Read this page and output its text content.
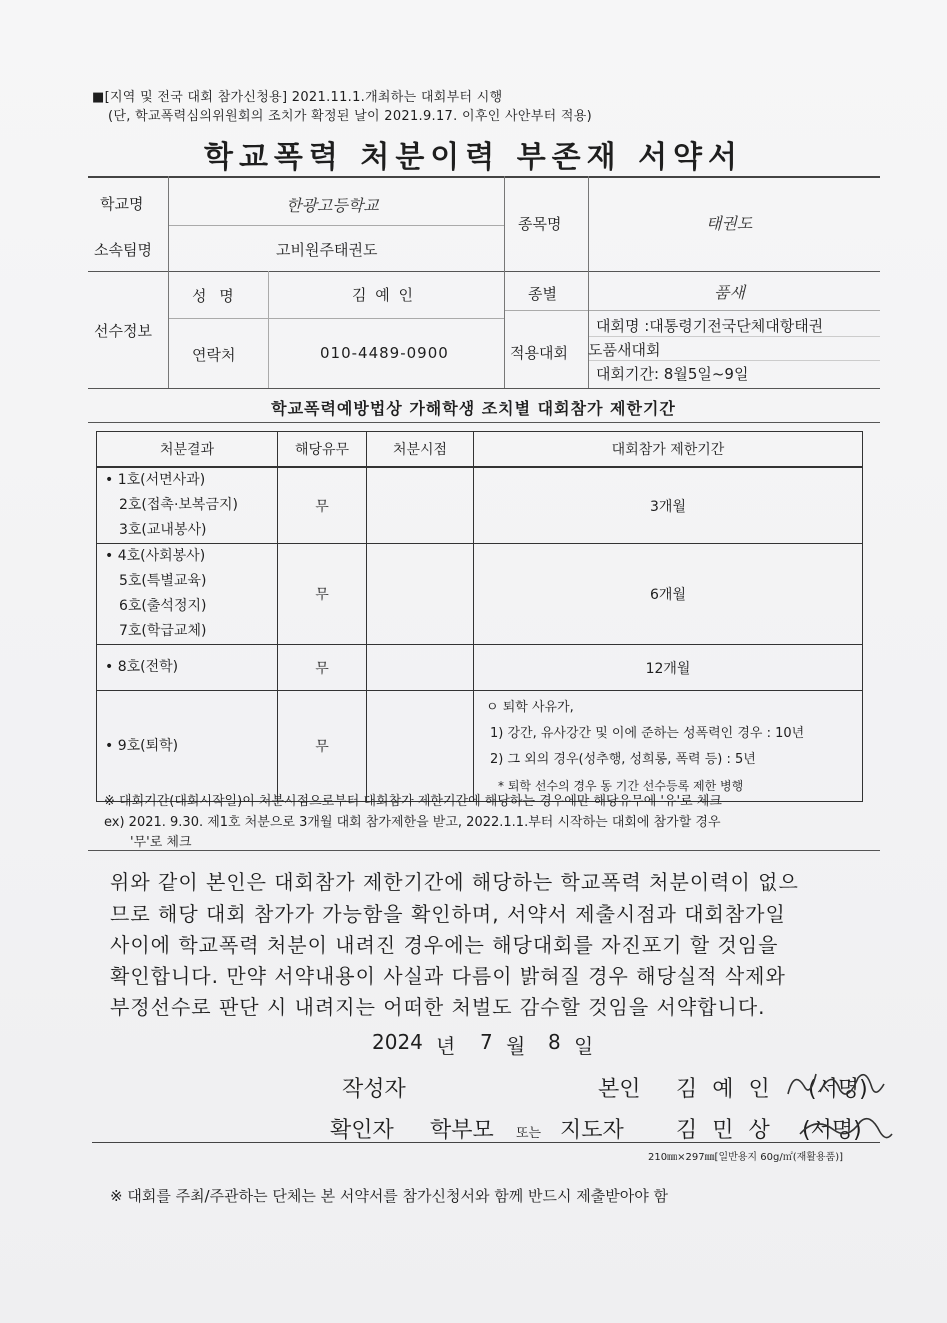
■[지역 및 전국 대회 참가신청용] 2021.11.1.개최하는 대회부터 시행
(단, 학교폭력심의위원회의 조치가 확정된 날이 2021.9.17. 이후인 사안부터 적용)
학교폭력 처분이력 부존재 서약서
학교명	한광고등학교
소속팀명	고비원주태권도
종목명	태권도
선수정보
성 명	김 예 인	종별	품새
연락처	010-4489-0900	적용대회
대회명 :대통령기전국단체대항태권
도품새대회
대회기간: 8월5일~9일
학교폭력예방법상 가해학생 조치별 대회참가 제한기간
처분결과	해당유무	처분시점	대회참가 제한기간

• 1호(서면사과)
2호(접촉·보복금지)
3호(교내봉사)	무		3개월

• 4호(사회봉사)
5호(특별교육)
6호(출석정지)
7호(학급교체)	무		6개월

• 8호(전학)	무		12개월

• 9호(퇴학)	무		ㅇ 퇴학 사유가,
1) 강간, 유사강간 및 이에 준하는 성폭력인 경우 : 10년
2) 그 외의 경우(성추행, 성희롱, 폭력 등) : 5년
* 퇴학 선수의 경우 동 기간 선수등록 제한 병행
※ 대회기간(대회시작일)이 처분시점으로부터 대회참가 제한기간에 해당하는 경우에만 해당유무에 '유'로 체크
ex) 2021. 9.30. 제1호 처분으로 3개월 대회 참가제한을 받고, 2022.1.1.부터 시작하는 대회에 참가할 경우
'무'로 체크
위와 같이 본인은 대회참가 제한기간에 해당하는 학교폭력 처분이력이 없으
므로 해당 대회 참가가 가능함을 확인하며, 서약서 제출시점과 대회참가일
사이에 학교폭력 처분이 내려진 경우에는 해당대회를 자진포기 할 것임을
확인합니다. 만약 서약내용이 사실과 다름이 밝혀질 경우 해당실적 삭제와
부정선수로 판단 시 내려지는 어떠한 처벌도 감수할 것임을 서약합니다.
2024 년 7 월 8 일
작성자	본인 김 예 인 (서명)
확인자 학부모 또는 지도자 김 민 상 (서명)
210㎜×297㎜[일반용지 60g/㎡(재활용품)]
※ 대회를 주최/주관하는 단체는 본 서약서를 참가신청서와 함께 반드시 제출받아야 함
